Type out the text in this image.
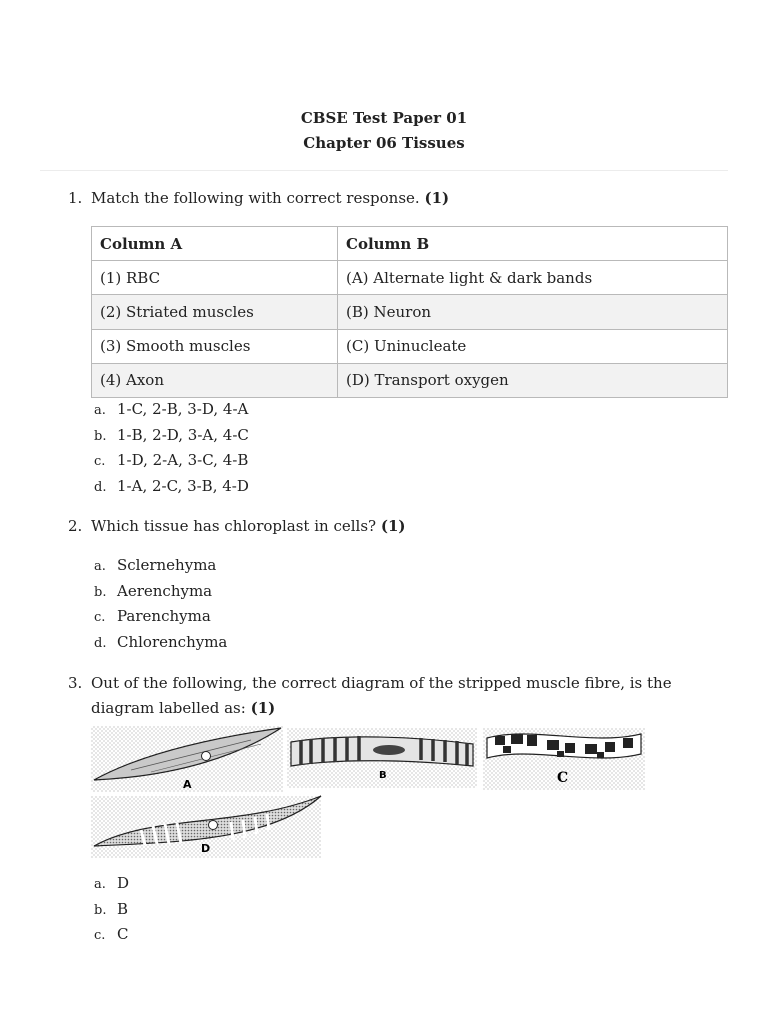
CBSE Test Paper 01
Chapter 06 Tissues
1. Match the following with correct response. (1)
Column A	Column B
(1) RBC	(A) Alternate light & dark bands
(2) Striated muscles	(B) Neuron
(3) Smooth muscles	(C) Uninucleate
(4) Axon	(D) Transport oxygen
a. 1-C, 2-B, 3-D, 4-A
b. 1-B, 2-D, 3-A, 4-C
c. 1-D, 2-A, 3-C, 4-B
d. 1-A, 2-C, 3-B, 4-D
2. Which tissue has chloroplast in cells? (1)
a. Sclernehyma
b. Aerenchyma
c. Parenchyma
d. Chlorenchyma
3. Out of the following, the correct diagram of the stripped muscle fibre, is the diagram labelled as: (1)
A
B	C
D
a. D
b. B
c. C
